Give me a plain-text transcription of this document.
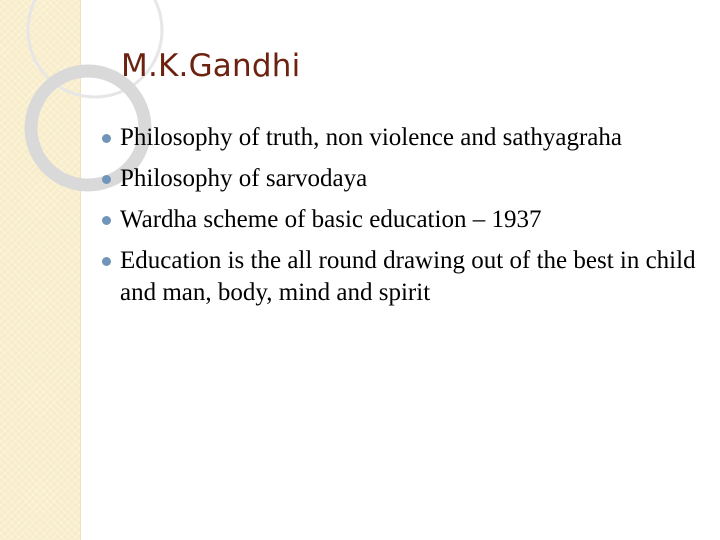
M.K.Gandhi
Philosophy of truth, non violence and sathyagraha
Philosophy of sarvodaya
Wardha scheme of basic education – 1937
Education is the all round drawing out of the best in child and man, body, mind and spirit
